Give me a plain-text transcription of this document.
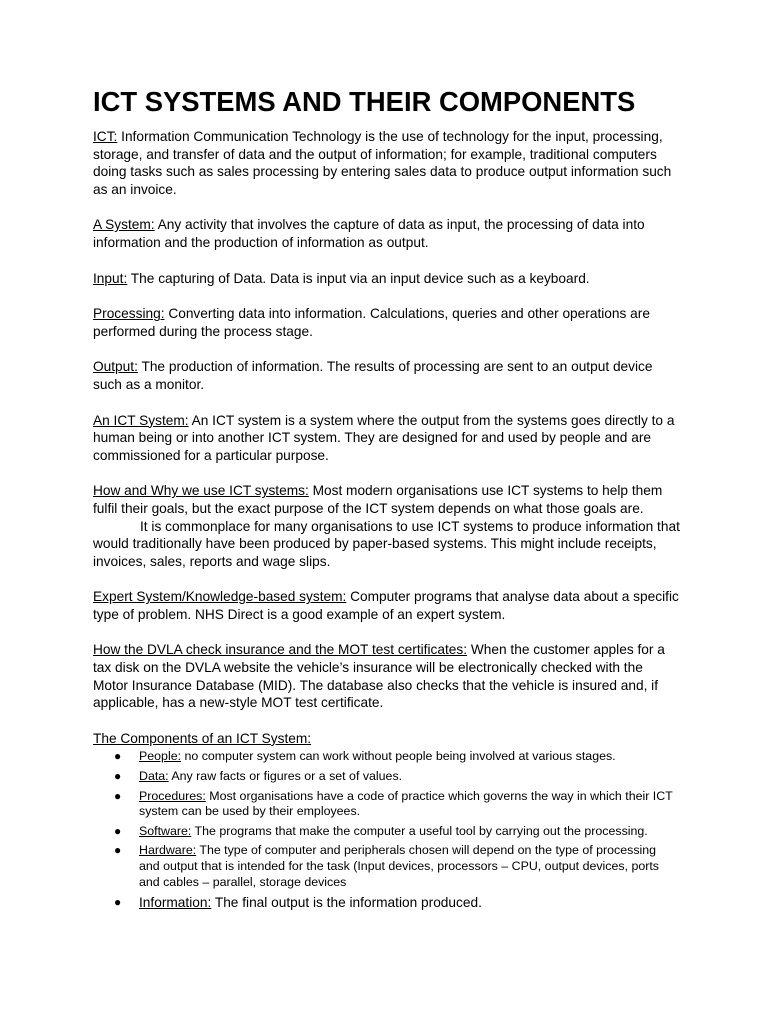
ICT SYSTEMS AND THEIR COMPONENTS

ICT: Information Communication Technology is the use of technology for the input, processing, storage, and transfer of data and the output of information; for example, traditional computers doing tasks such as sales processing by entering sales data to produce output information such as an invoice.

A System: Any activity that involves the capture of data as input, the processing of data into information and the production of information as output.

Input: The capturing of Data. Data is input via an input device such as a keyboard.

Processing: Converting data into information. Calculations, queries and other operations are performed during the process stage.

Output: The production of information. The results of processing are sent to an output device such as a monitor.

An ICT System: An ICT system is a system where the output from the systems goes directly to a human being or into another ICT system. They are designed for and used by people and are commissioned for a particular purpose.

How and Why we use ICT systems: Most modern organisations use ICT systems to help them fulfil their goals, but the exact purpose of the ICT system depends on what those goals are.

It is commonplace for many organisations to use ICT systems to produce information that would traditionally have been produced by paper-based systems. This might include receipts, invoices, sales, reports and wage slips.

Expert System/Knowledge-based system: Computer programs that analyse data about a specific type of problem. NHS Direct is a good example of an expert system.

How the DVLA check insurance and the MOT test certificates: When the customer apples for a tax disk on the DVLA website the vehicle’s insurance will be electronically checked with the Motor Insurance Database (MID). The database also checks that the vehicle is insured and, if applicable, has a new-style MOT test certificate.

The Components of an ICT System:

● People: no computer system can work without people being involved at various stages.
● Data: Any raw facts or figures or a set of values.
● Procedures: Most organisations have a code of practice which governs the way in which their ICT system can be used by their employees.
● Software: The programs that make the computer a useful tool by carrying out the processing.
● Hardware: The type of computer and peripherals chosen will depend on the type of processing and output that is intended for the task (Input devices, processors – CPU, output devices, ports and cables – parallel, storage devices
● Information: The final output is the information produced.
